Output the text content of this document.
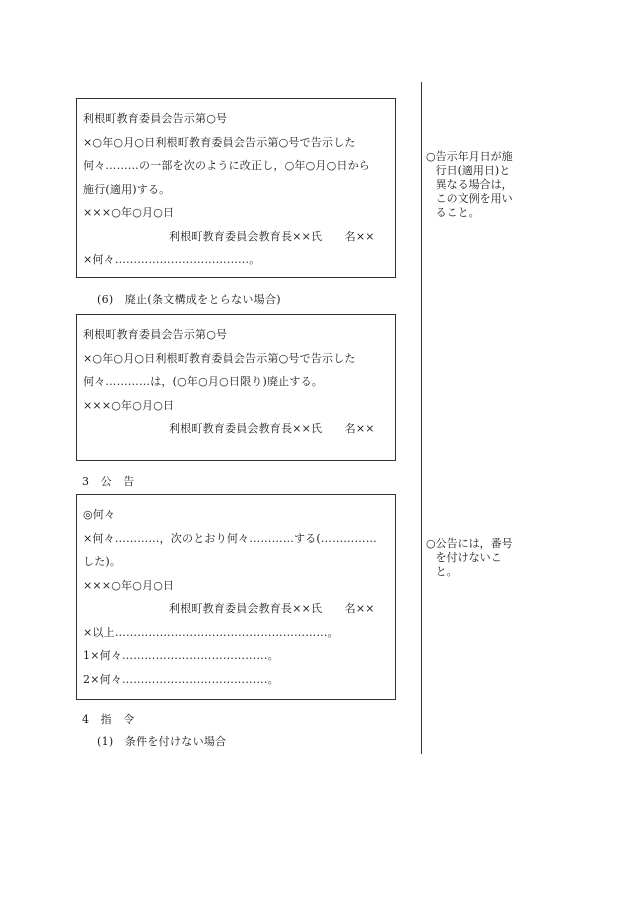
利根町教育委員会告示第○号
×○年○月○日利根町教育委員会告示第○号で告示した
何々………の一部を次のように改正し，○年○月○日から
施行(適用)する。
×××○年○月○日
利根町教育委員会教育長××氏　　名××
×何々………………………………。
(6)　廃止(条文構成をとらない場合)
利根町教育委員会告示第○号
×○年○月○日利根町教育委員会告示第○号で告示した
何々…………は，(○年○月○日限り)廃止する。
×××○年○月○日
利根町教育委員会教育長××氏　　名××
3　公　告
◎何々
×何々…………，次のとおり何々…………する(……………
した)。
×××○年○月○日
利根町教育委員会教育長××氏　　名××
×以上…………………………………………………。
1×何々…………………………………。
2×何々…………………………………。
4　指　令
(1)　条件を付けない場合
○ 告示年月日が施行日(適用日)と異なる場合は，この文例を用いること。
○ 公告には，番号を付けないこと。
